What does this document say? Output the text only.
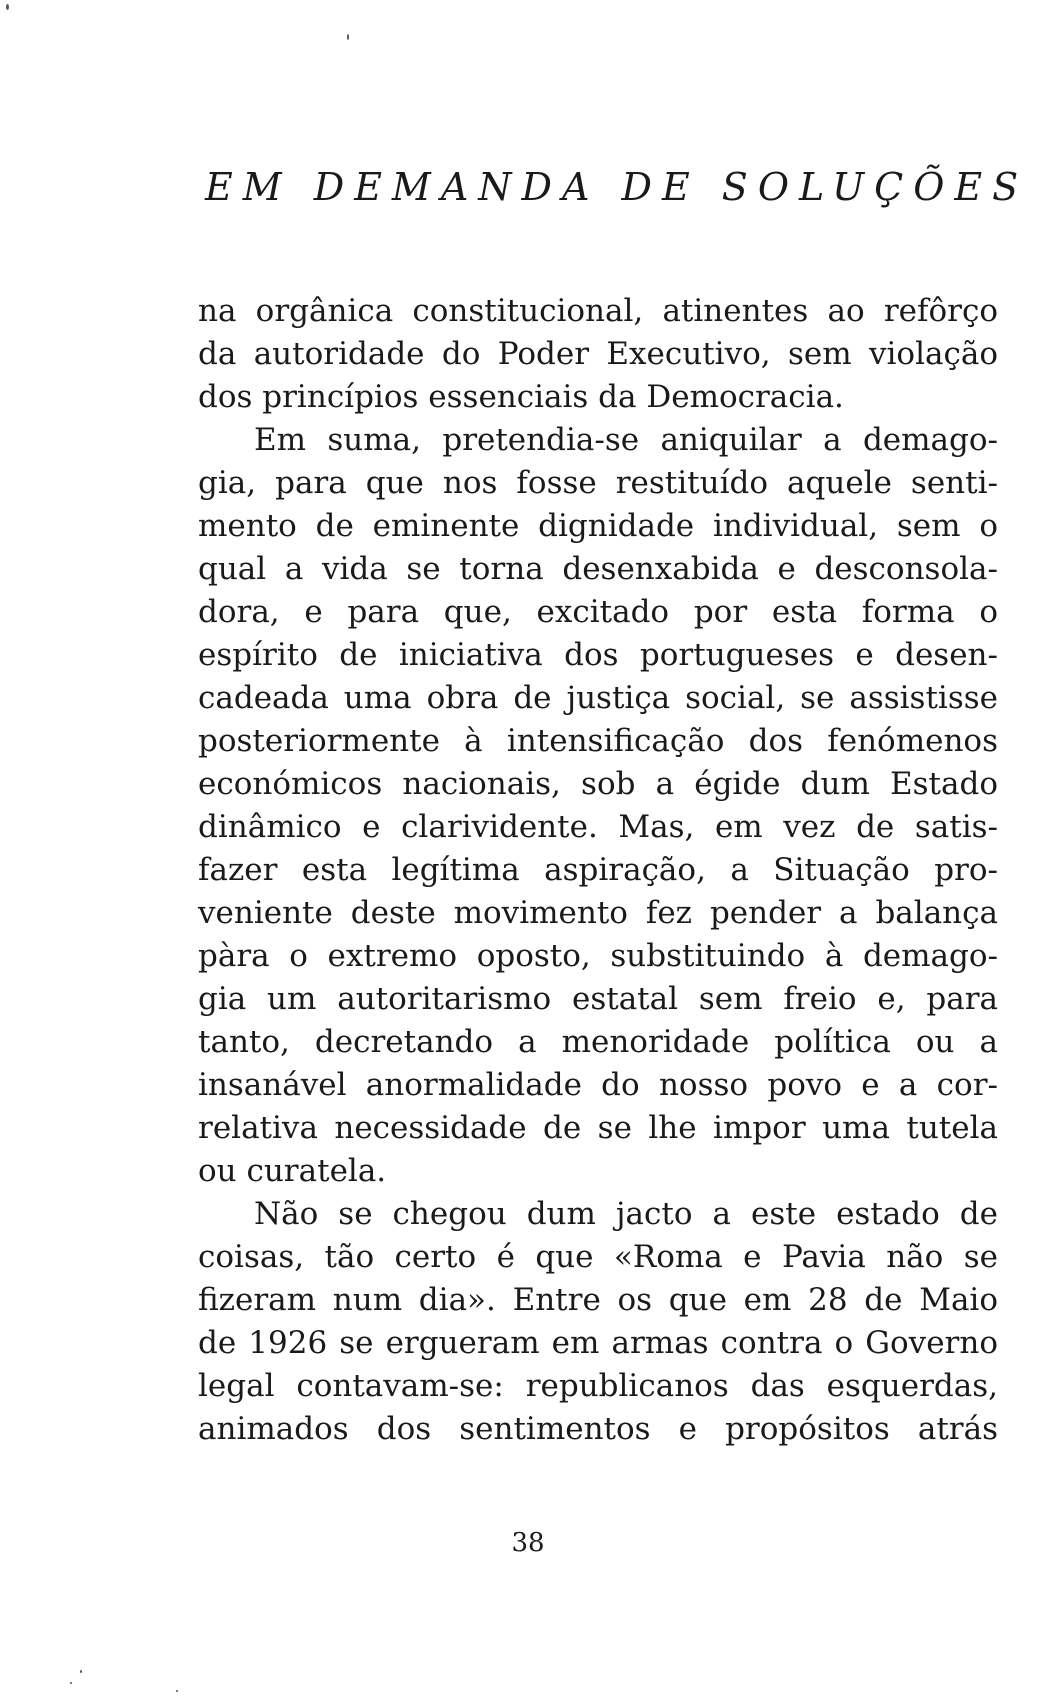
EM DEMANDA DE SOLUÇÕES
na orgânica constitucional, atinentes ao refôrço
da autoridade do Poder Executivo, sem violação
dos princípios essenciais da Democracia.
Em suma, pretendia-se aniquilar a demago-
gia, para que nos fosse restituído aquele senti-
mento de eminente dignidade individual, sem o
qual a vida se torna desenxabida e desconsola-
dora, e para que, excitado por esta forma o
espírito de iniciativa dos portugueses e desen-
cadeada uma obra de justiça social, se assistisse
posteriormente à intensificação dos fenómenos
económicos nacionais, sob a égide dum Estado
dinâmico e clarividente. Mas, em vez de satis-
fazer esta legítima aspiração, a Situação pro-
veniente deste movimento fez pender a balança
pàra o extremo oposto, substituindo à demago-
gia um autoritarismo estatal sem freio e, para
tanto, decretando a menoridade política ou a
insanável anormalidade do nosso povo e a cor-
relativa necessidade de se lhe impor uma tutela
ou curatela.
Não se chegou dum jacto a este estado de
coisas, tão certo é que «Roma e Pavia não se
fizeram num dia». Entre os que em 28 de Maio
de 1926 se ergueram em armas contra o Governo
legal contavam-se: republicanos das esquerdas,
animados dos sentimentos e propósitos atrás
38
